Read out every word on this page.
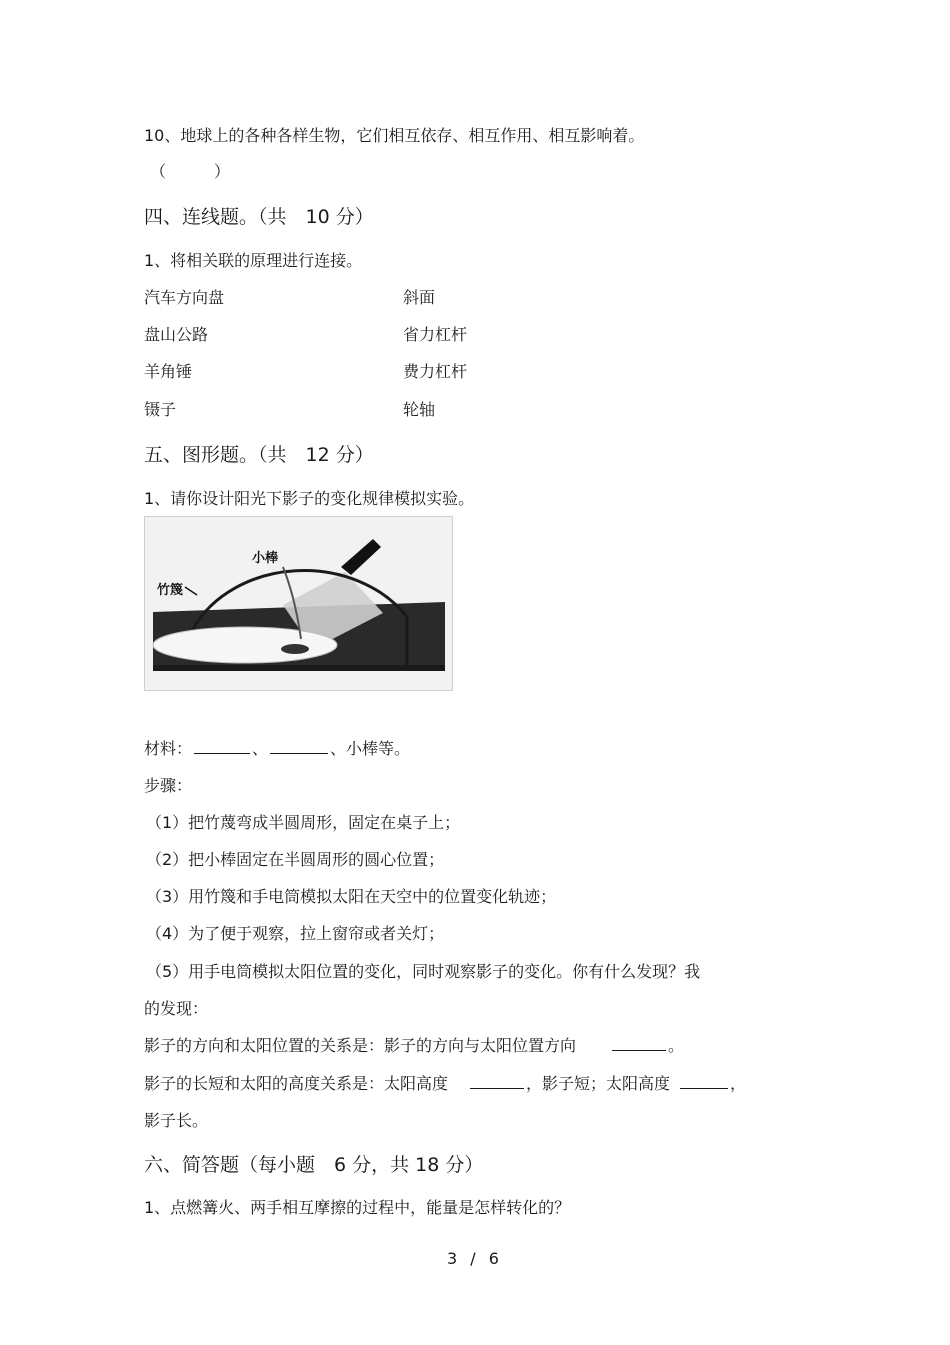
10、地球上的各种各样生物，它们相互依存、相互作用、相互影响着。
（　　　）
四、连线题。（共　10 分）
1、将相关联的原理进行连接。
汽车方向盘	斜面
盘山公路	省力杠杆
羊角锤	费力杠杆
镊子	轮轴
五、图形题。（共　12 分）
1、请你设计阳光下影子的变化规律模拟实验。
小棒
竹篾
材料：	、	、小棒等。
步骤：
（1）把竹蔑弯成半圆周形，固定在桌子上；
（2）把小棒固定在半圆周形的圆心位置；
（3）用竹篾和手电筒模拟太阳在天空中的位置变化轨迹；
（4）为了便于观察，拉上窗帘或者关灯；
（5）用手电筒模拟太阳位置的变化，同时观察影子的变化。你有什么发现？我
的发现：
影子的方向和太阳位置的关系是：影子的方向与太阳位置方向	。
影子的长短和太阳的高度关系是：太阳高度	，影子短；太阳高度	，
影子长。
六、简答题（每小题　6 分，共 18 分）
1、点燃篝火、两手相互摩擦的过程中，能量是怎样转化的？
3 / 6
